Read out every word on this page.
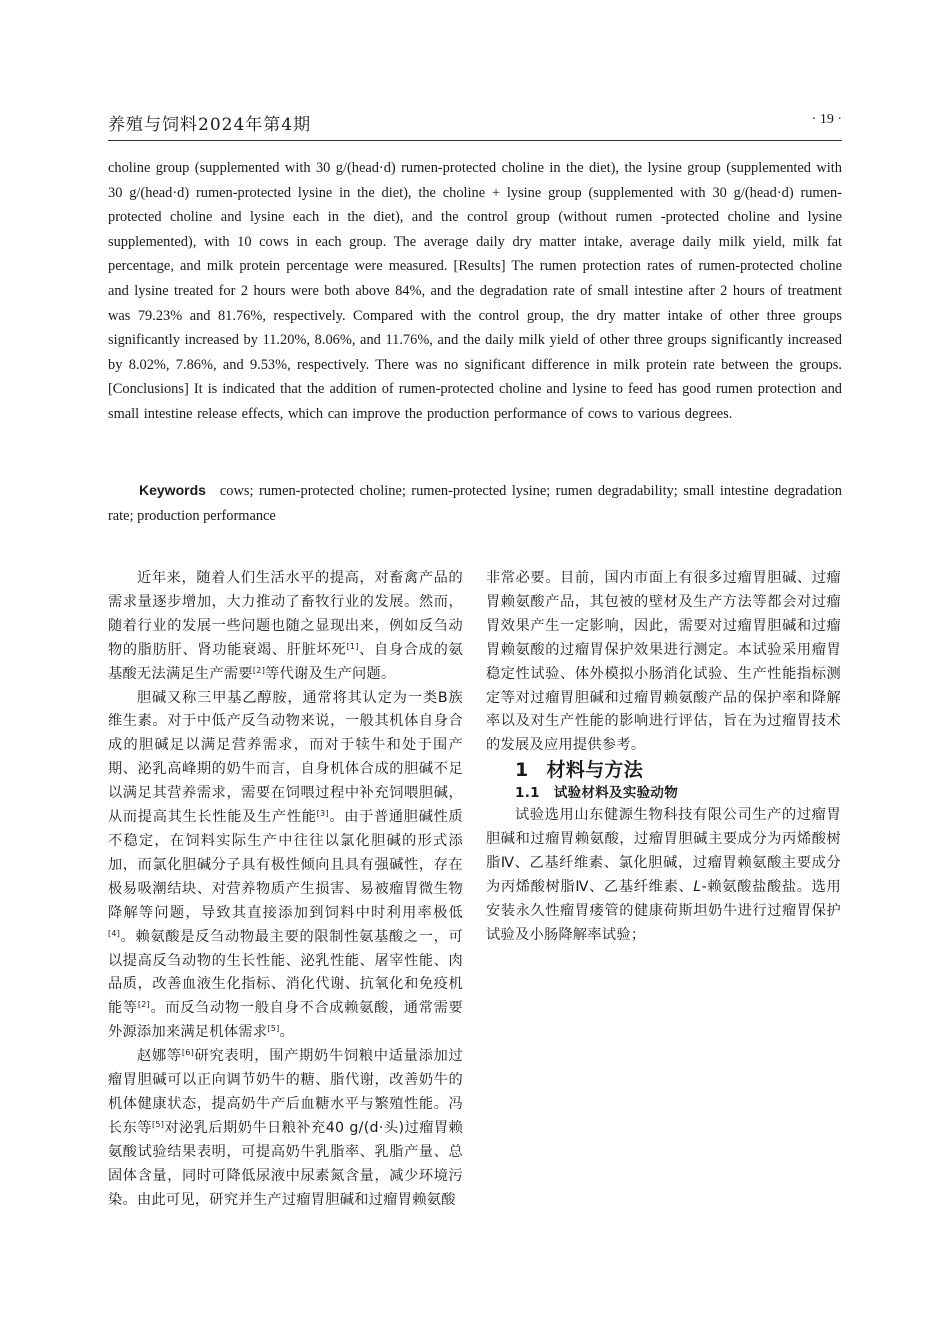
养殖与饲料2024年第4期	· 19 ·

choline group (supplemented with 30 g/(head·d) rumen-protected choline in the diet), the lysine group (supplemented with 30 g/(head·d) rumen-protected lysine in the diet), the choline + lysine group (supplemented with 30 g/(head·d) rumen-protected choline and lysine each in the diet), and the control group (without rumen -protected choline and lysine supplemented), with 10 cows in each group. The average daily dry matter intake, average daily milk yield, milk fat percentage, and milk protein percentage were measured. [Results] The rumen protection rates of rumen-protected choline and lysine treated for 2 hours were both above 84%, and the degradation rate of small intestine after 2 hours of treatment was 79.23% and 81.76%, respectively. Compared with the control group, the dry matter intake of other three groups significantly increased by 11.20%, 8.06%, and 11.76%, and the daily milk yield of other three groups significantly increased by 8.02%, 7.86%, and 9.53%, respectively. There was no significant difference in milk protein rate between the groups.[Conclusions] It is indicated that the addition of rumen-protected choline and lysine to feed has good rumen protection and small intestine release effects, which can improve the production performance of cows to various degrees.

Keywords cows; rumen-protected choline; rumen-protected lysine; rumen degradability; small intestine degradation rate; production performance

近年来，随着人们生活水平的提高，对畜禽产品的需求量逐步增加，大力推动了畜牧行业的发展。然而，随着行业的发展一些问题也随之显现出来，例如反刍动物的脂肪肝、肾功能衰竭、肝脏坏死[1]、自身合成的氨基酸无法满足生产需要[2]等代谢及生产问题。

胆碱又称三甲基乙醇胺，通常将其认定为一类B族维生素。对于中低产反刍动物来说，一般其机体自身合成的胆碱足以满足营养需求，而对于犊牛和处于围产期、泌乳高峰期的奶牛而言，自身机体合成的胆碱不足以满足其营养需求，需要在饲喂过程中补充饲喂胆碱，从而提高其生长性能及生产性能[3]。由于普通胆碱性质不稳定，在饲料实际生产中往往以氯化胆碱的形式添加，而氯化胆碱分子具有极性倾向且具有强碱性，存在极易吸潮结块、对营养物质产生损害、易被瘤胃微生物降解等问题，导致其直接添加到饲料中时利用率极低[4]。赖氨酸是反刍动物最主要的限制性氨基酸之一，可以提高反刍动物的生长性能、泌乳性能、屠宰性能、肉品质，改善血液生化指标、消化代谢、抗氧化和免疫机能等[2]。而反刍动物一般自身不合成赖氨酸，通常需要外源添加来满足机体需求[5]。

赵娜等[6]研究表明，围产期奶牛饲粮中适量添加过瘤胃胆碱可以正向调节奶牛的糖、脂代谢，改善奶牛的机体健康状态，提高奶牛产后血糖水平与繁殖性能。冯长东等[5]对泌乳后期奶牛日粮补充40 g/(d·头)过瘤胃赖氨酸试验结果表明，可提高奶牛乳脂率、乳脂产量、总固体含量，同时可降低尿液中尿素氮含量，减少环境污染。由此可见，研究并生产过瘤胃胆碱和过瘤胃赖氨酸

非常必要。目前，国内市面上有很多过瘤胃胆碱、过瘤胃赖氨酸产品，其包被的壁材及生产方法等都会对过瘤胃效果产生一定影响，因此，需要对过瘤胃胆碱和过瘤胃赖氨酸的过瘤胃保护效果进行测定。本试验采用瘤胃稳定性试验、体外模拟小肠消化试验、生产性能指标测定等对过瘤胃胆碱和过瘤胃赖氨酸产品的保护率和降解率以及对生产性能的影响进行评估，旨在为过瘤胃技术的发展及应用提供参考。

1 材料与方法

1.1 试验材料及实验动物

试验选用山东健源生物科技有限公司生产的过瘤胃胆碱和过瘤胃赖氨酸，过瘤胃胆碱主要成分为丙烯酸树脂Ⅳ、乙基纤维素、氯化胆碱，过瘤胃赖氨酸主要成分为丙烯酸树脂Ⅳ、乙基纤维素、L-赖氨酸盐酸盐。选用安装永久性瘤胃瘘管的健康荷斯坦奶牛进行过瘤胃保护试验及小肠降解率试验；
